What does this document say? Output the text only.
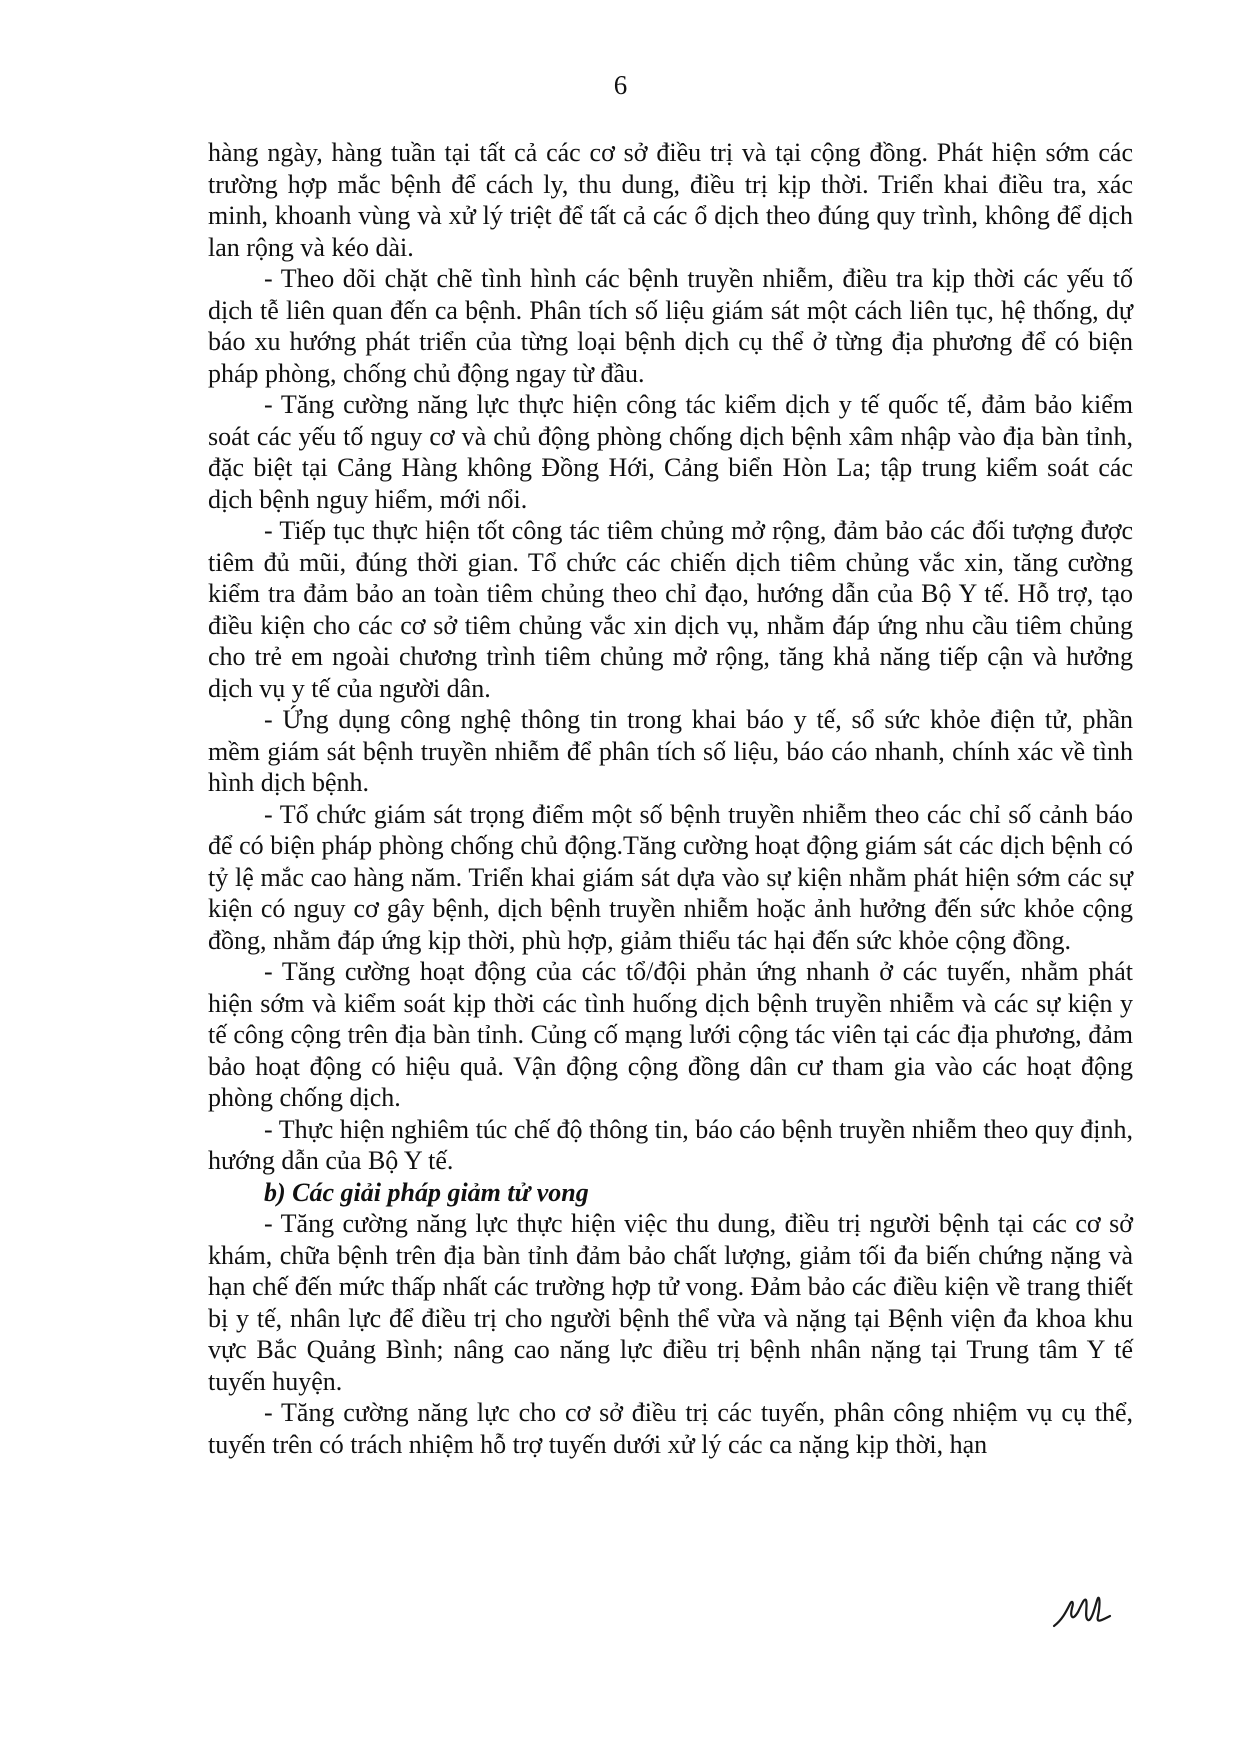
6

hàng ngày, hàng tuần tại tất cả các cơ sở điều trị và tại cộng đồng. Phát hiện sớm các trường hợp mắc bệnh để cách ly, thu dung, điều trị kịp thời. Triển khai điều tra, xác minh, khoanh vùng và xử lý triệt để tất cả các ổ dịch theo đúng quy trình, không để dịch lan rộng và kéo dài.

- Theo dõi chặt chẽ tình hình các bệnh truyền nhiễm, điều tra kịp thời các yếu tố dịch tễ liên quan đến ca bệnh. Phân tích số liệu giám sát một cách liên tục, hệ thống, dự báo xu hướng phát triển của từng loại bệnh dịch cụ thể ở từng địa phương để có biện pháp phòng, chống chủ động ngay từ đầu.

- Tăng cường năng lực thực hiện công tác kiểm dịch y tế quốc tế, đảm bảo kiểm soát các yếu tố nguy cơ và chủ động phòng chống dịch bệnh xâm nhập vào địa bàn tỉnh, đặc biệt tại Cảng Hàng không Đồng Hới, Cảng biển Hòn La; tập trung kiểm soát các dịch bệnh nguy hiểm, mới nổi.

- Tiếp tục thực hiện tốt công tác tiêm chủng mở rộng, đảm bảo các đối tượng được tiêm đủ mũi, đúng thời gian. Tổ chức các chiến dịch tiêm chủng vắc xin, tăng cường kiểm tra đảm bảo an toàn tiêm chủng theo chỉ đạo, hướng dẫn của Bộ Y tế. Hỗ trợ, tạo điều kiện cho các cơ sở tiêm chủng vắc xin dịch vụ, nhằm đáp ứng nhu cầu tiêm chủng cho trẻ em ngoài chương trình tiêm chủng mở rộng, tăng khả năng tiếp cận và hưởng dịch vụ y tế của người dân.

- Ứng dụng công nghệ thông tin trong khai báo y tế, sổ sức khỏe điện tử, phần mềm giám sát bệnh truyền nhiễm để phân tích số liệu, báo cáo nhanh, chính xác về tình hình dịch bệnh.

- Tổ chức giám sát trọng điểm một số bệnh truyền nhiễm theo các chỉ số cảnh báo để có biện pháp phòng chống chủ động.Tăng cường hoạt động giám sát các dịch bệnh có tỷ lệ mắc cao hàng năm. Triển khai giám sát dựa vào sự kiện nhằm phát hiện sớm các sự kiện có nguy cơ gây bệnh, dịch bệnh truyền nhiễm hoặc ảnh hưởng đến sức khỏe cộng đồng, nhằm đáp ứng kịp thời, phù hợp, giảm thiểu tác hại đến sức khỏe cộng đồng.

- Tăng cường hoạt động của các tổ/đội phản ứng nhanh ở các tuyến, nhằm phát hiện sớm và kiểm soát kịp thời các tình huống dịch bệnh truyền nhiễm và các sự kiện y tế công cộng trên địa bàn tỉnh. Củng cố mạng lưới cộng tác viên tại các địa phương, đảm bảo hoạt động có hiệu quả. Vận động cộng đồng dân cư tham gia vào các hoạt động phòng chống dịch.

- Thực hiện nghiêm túc chế độ thông tin, báo cáo bệnh truyền nhiễm theo quy định, hướng dẫn của Bộ Y tế.

b) Các giải pháp giảm tử vong

- Tăng cường năng lực thực hiện việc thu dung, điều trị người bệnh tại các cơ sở khám, chữa bệnh trên địa bàn tỉnh đảm bảo chất lượng, giảm tối đa biến chứng nặng và hạn chế đến mức thấp nhất các trường hợp tử vong. Đảm bảo các điều kiện về trang thiết bị y tế, nhân lực để điều trị cho người bệnh thể vừa và nặng tại Bệnh viện đa khoa khu vực Bắc Quảng Bình; nâng cao năng lực điều trị bệnh nhân nặng tại Trung tâm Y tế tuyến huyện.

- Tăng cường năng lực cho cơ sở điều trị các tuyến, phân công nhiệm vụ cụ thể, tuyến trên có trách nhiệm hỗ trợ tuyến dưới xử lý các ca nặng kịp thời, hạn
